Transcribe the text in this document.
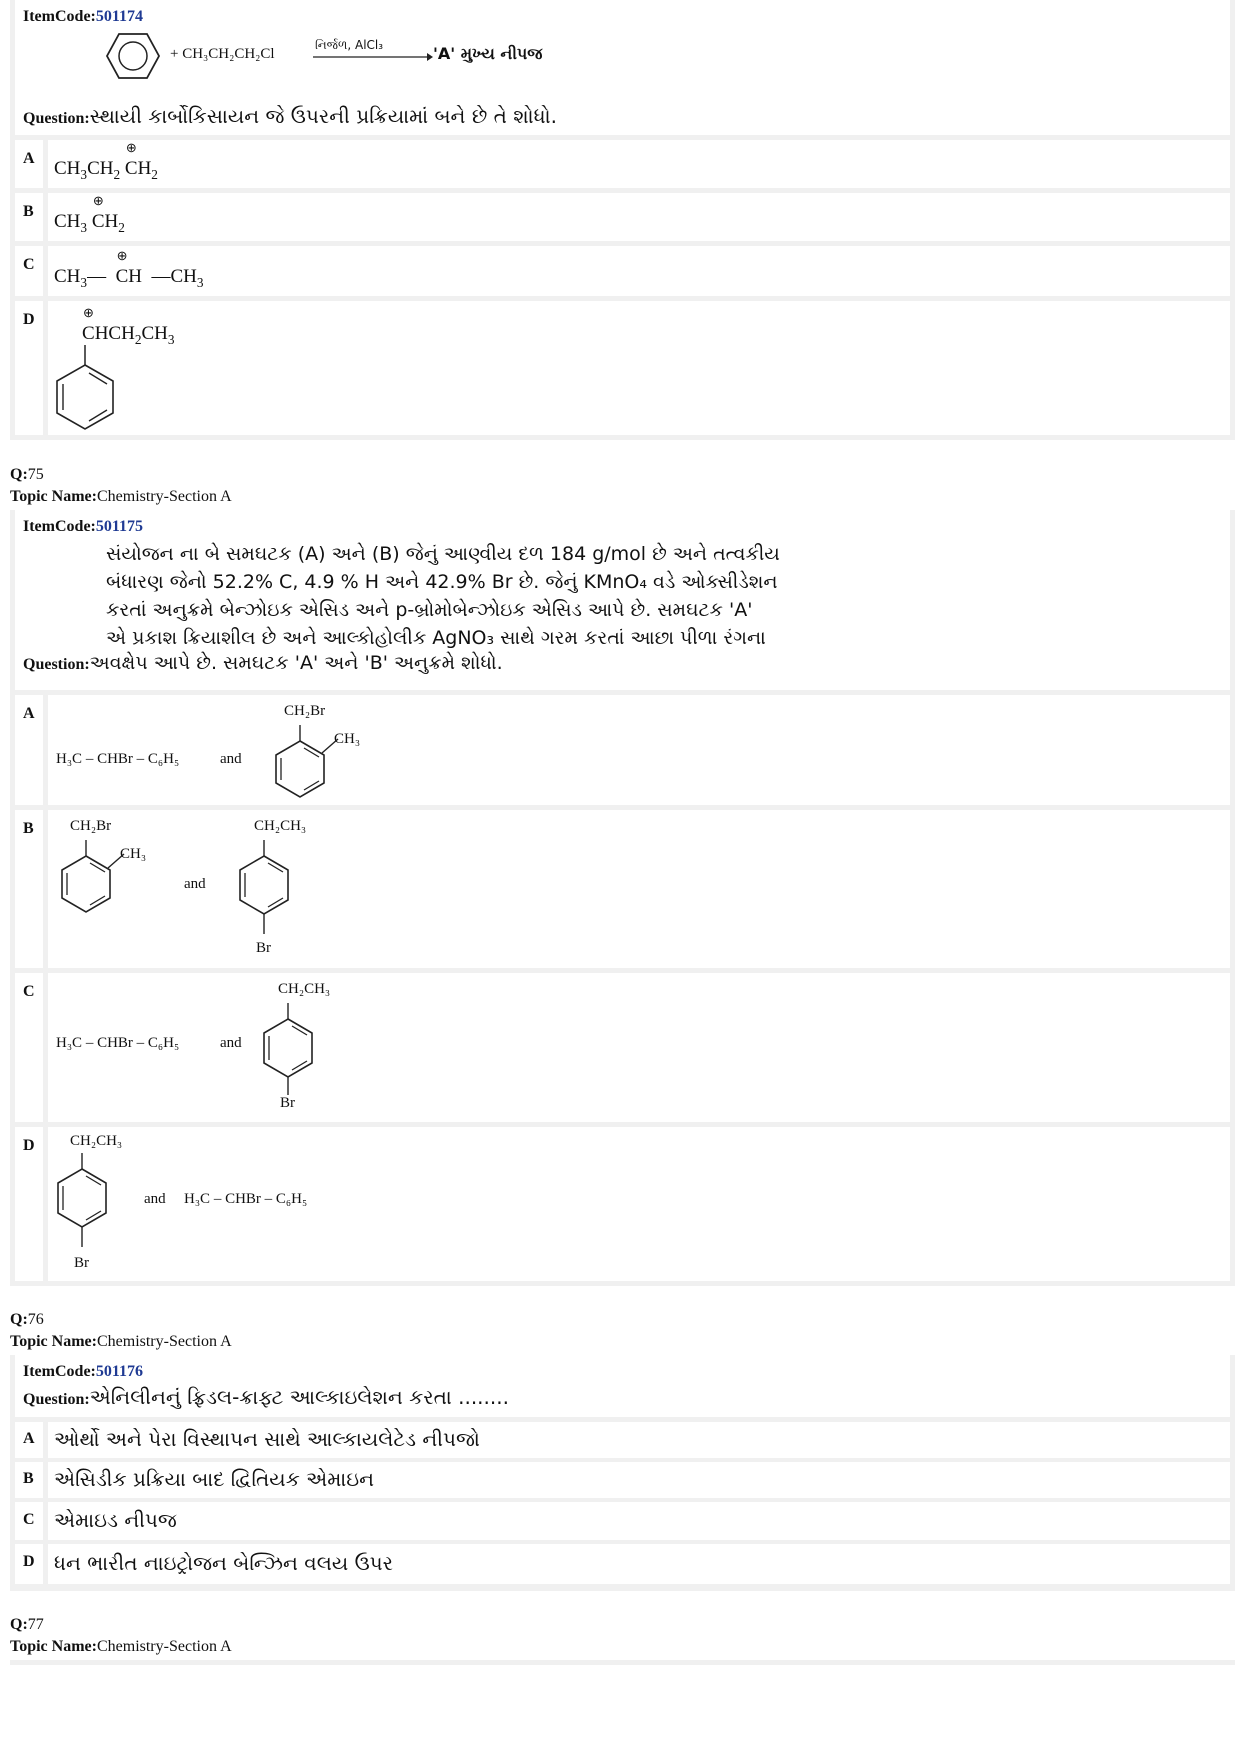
ItemCode:501174
+ CH₃CH₂CH₂Cl
નિર્જળ, AlCl₃	'A' મુખ્ય નીપજ
Question:સ્થાયી કાર્બોકિસાયન જે ઉપરની પ્રક્રિયામાં બને છે તે શોધો.
A $CH_3CH_2$ C
⊕
$H_2$
B $CH_3$ C
⊕
$H_2$
C
$CH_3—$  C
⊕
H  $—CH_3$
D
C
⊕
$HCH_2CH_3$
Q:75
Topic Name:Chemistry-Section A
ItemCode:501175
સંયોજન ના બે સમઘટક (A) અને (B) જેનું આણ્વીય દળ 184 g/mol છે અને તત્વકીય
બંધારણ જેનો 52.2% C, 4.9 % H અને 42.9% Br છે. જેનું KMnO₄ વડે ઓક્સીડેશન
કરતાં અનુક્રમે બેન્ઝોઇક એસિડ અને p-બ્રોમોબેન્ઝોઇક એસિડ આપે છે. સમઘટક 'A'
એ પ્રકાશ ક્રિયાશીલ છે અને આલ્કોહોલીક AgNO₃ સાથે ગરમ કરતાં આછા પીળા રંગના
Question:અવક્ષેપ આપે છે. સમઘટક 'A' અને 'B' અનુક્રમે શોધો.
A
H₃C – CHBr – C₆H₅	and
CH₂Br
CH₃
B CH₂Br
CH₃
and
CH₂CH₃
Br
C
H₃C – CHBr – C₆H₅	and
CH₂CH₃
Br
D CH₂CH₃
Br
and H₃C – CHBr – C₆H₅
Q:76
Topic Name:Chemistry-Section A
ItemCode:501176
Question:એનિલીનનું ફ્રિડલ-ક્રાફ્ટ આલ્કાઇલેશન કરતા ........
A ઓર્થો અને પેરા વિસ્થાપન સાથે આલ્કાયલેટેડ નીપજો
B એસિડીક પ્રક્રિયા બાદ દ્વિતિયક એમાઇન
C એમાઇડ નીપજ
D ધન ભારીત નાઇટ્રોજન બેન્ઝિન વલય ઉપર
Q:77
Topic Name:Chemistry-Section A
